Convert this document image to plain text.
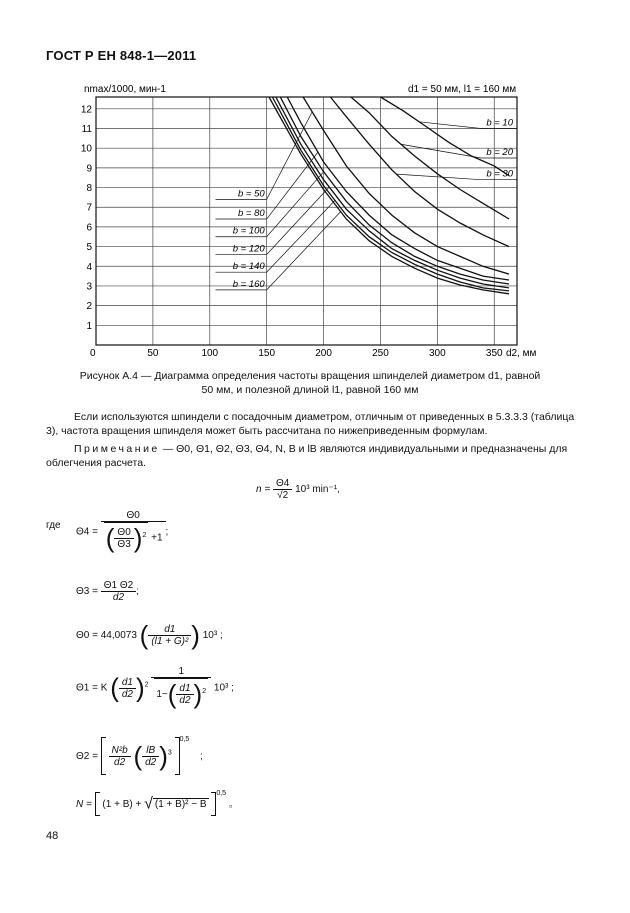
ГОСТ Р ЕН 848-1—2011
b = 10
b = 20
b = 30
b = 50
b = 80
b = 100
b = 120
b = 140
b = 160
0	50	100	150	200	250	300	350
1
2
3
4
5
6
7
8
9
10
11
12
nmax/1000, мин-1	d1 = 50 мм, l1 = 160 мм
d2, мм
Рисунок А.4 — Диаграмма определения частоты вращения шпинделей диаметром d1, равной
50 мм, и полезной длиной l1, равной 160 мм
Если используются шпиндели с посадочным диаметром, отличным от приведенных в 5.3.3.3 (таблица 3), частота вращения шпинделя может быть рассчитана по нижеприведенным формулам.
Примечание — Θ0, Θ1, Θ2, Θ3, Θ4, N, B и lB являются индивидуальными и предназначены для облегчения расчета.
$n = \frac{\Theta 4}{√2} 10^3$ min⁻¹,
где
$\Theta 4 = \frac{\Theta 0}{( \frac{\Theta 0}{\Theta 3} )^2 +1}$ ;
$\Theta 3 = \frac{\Theta 1 \Theta 2}{d2}$ ;
Θ0 = 44,0073 ( $\frac{d1}{\text{(l1 + G)²}}$ ) 10³ ;
Θ1 = K ( $\frac{d1}{d2} )^2 \frac{1}{1-( \frac{d1}{d2} )^2} 10^3$ ;
$\Theta 2 = \frac{\text{N²b}}{d2}$ ( $\frac{lB}{d2} )^3$ $^{0,5}$ ;
N = (1 + B) + √ (1 + B)² − B $^{0,5}$ 。
48
